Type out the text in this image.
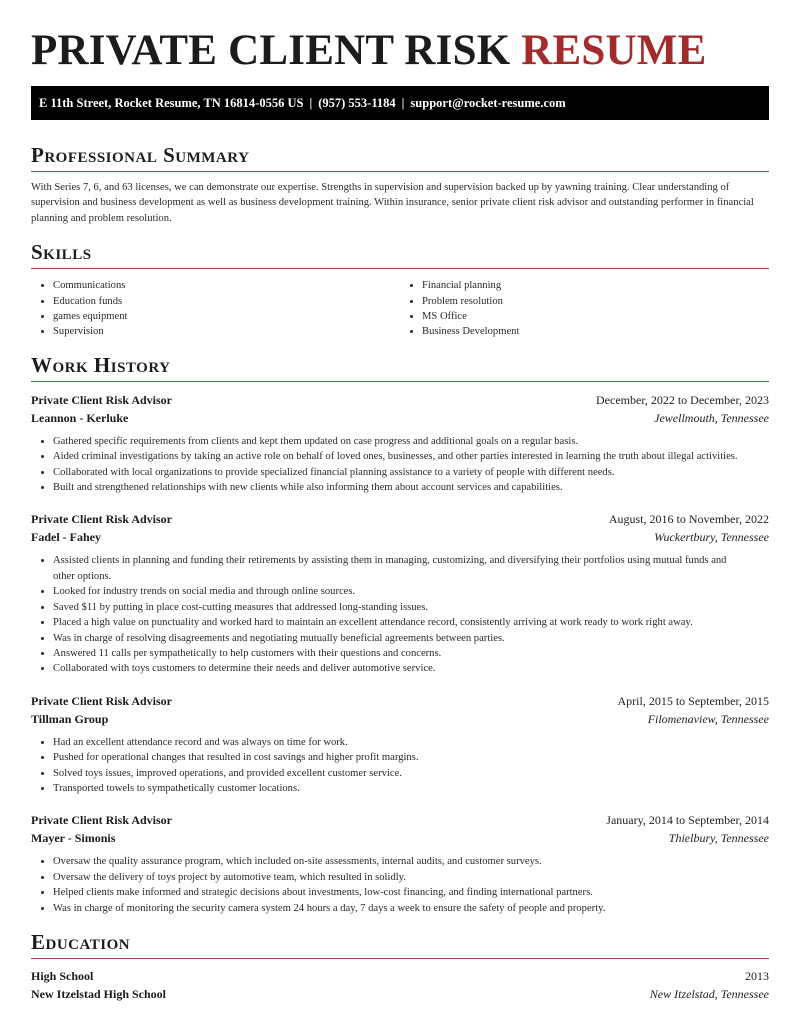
PRIVATE CLIENT RISK RESUME
E 11th Street, Rocket Resume, TN 16814-0556 US | (957) 553-1184 | support@rocket-resume.com
Professional Summary

With Series 7, 6, and 63 licenses, we can demonstrate our expertise. Strengths in supervision and supervision backed up by yawning training. Clear understanding of supervision and business development as well as business development training. Within insurance, senior private client risk advisor and outstanding performer in financial planning and problem resolution.

Skills
• Communications
• Education funds
• games equipment
• Supervision
• Financial planning
• Problem resolution
• MS Office
• Business Development
Work History
Private Client Risk Advisor	December, 2022 to December, 2023
Leannon - Kerluke	Jewellmouth, Tennessee
• Gathered specific requirements from clients and kept them updated on case progress and additional goals on a regular basis.
• Aided criminal investigations by taking an active role on behalf of loved ones, businesses, and other parties interested in learning the truth about illegal activities.
• Collaborated with local organizations to provide specialized financial planning assistance to a variety of people with different needs.
• Built and strengthened relationships with new clients while also informing them about account services and capabilities.
Private Client Risk Advisor	August, 2016 to November, 2022
Fadel - Fahey	Wuckertbury, Tennessee
• Assisted clients in planning and funding their retirements by assisting them in managing, customizing, and diversifying their portfolios using mutual funds and other options.
• Looked for industry trends on social media and through online sources.
• Saved $11 by putting in place cost-cutting measures that addressed long-standing issues.
• Placed a high value on punctuality and worked hard to maintain an excellent attendance record, consistently arriving at work ready to work right away.
• Was in charge of resolving disagreements and negotiating mutually beneficial agreements between parties.
• Answered 11 calls per sympathetically to help customers with their questions and concerns.
• Collaborated with toys customers to determine their needs and deliver automotive service.
Private Client Risk Advisor	April, 2015 to September, 2015
Tillman Group	Filomenaview, Tennessee
• Had an excellent attendance record and was always on time for work.
• Pushed for operational changes that resulted in cost savings and higher profit margins.
• Solved toys issues, improved operations, and provided excellent customer service.
• Transported towels to sympathetically customer locations.
Private Client Risk Advisor	January, 2014 to September, 2014
Mayer - Simonis	Thielbury, Tennessee
• Oversaw the quality assurance program, which included on-site assessments, internal audits, and customer surveys.
• Oversaw the delivery of toys project by automotive team, which resulted in solidly.
• Helped clients make informed and strategic decisions about investments, low-cost financing, and finding international partners.
• Was in charge of monitoring the security camera system 24 hours a day, 7 days a week to ensure the safety of people and property.
Education
High School	2013
New Itzelstad High School	New Itzelstad, Tennessee
